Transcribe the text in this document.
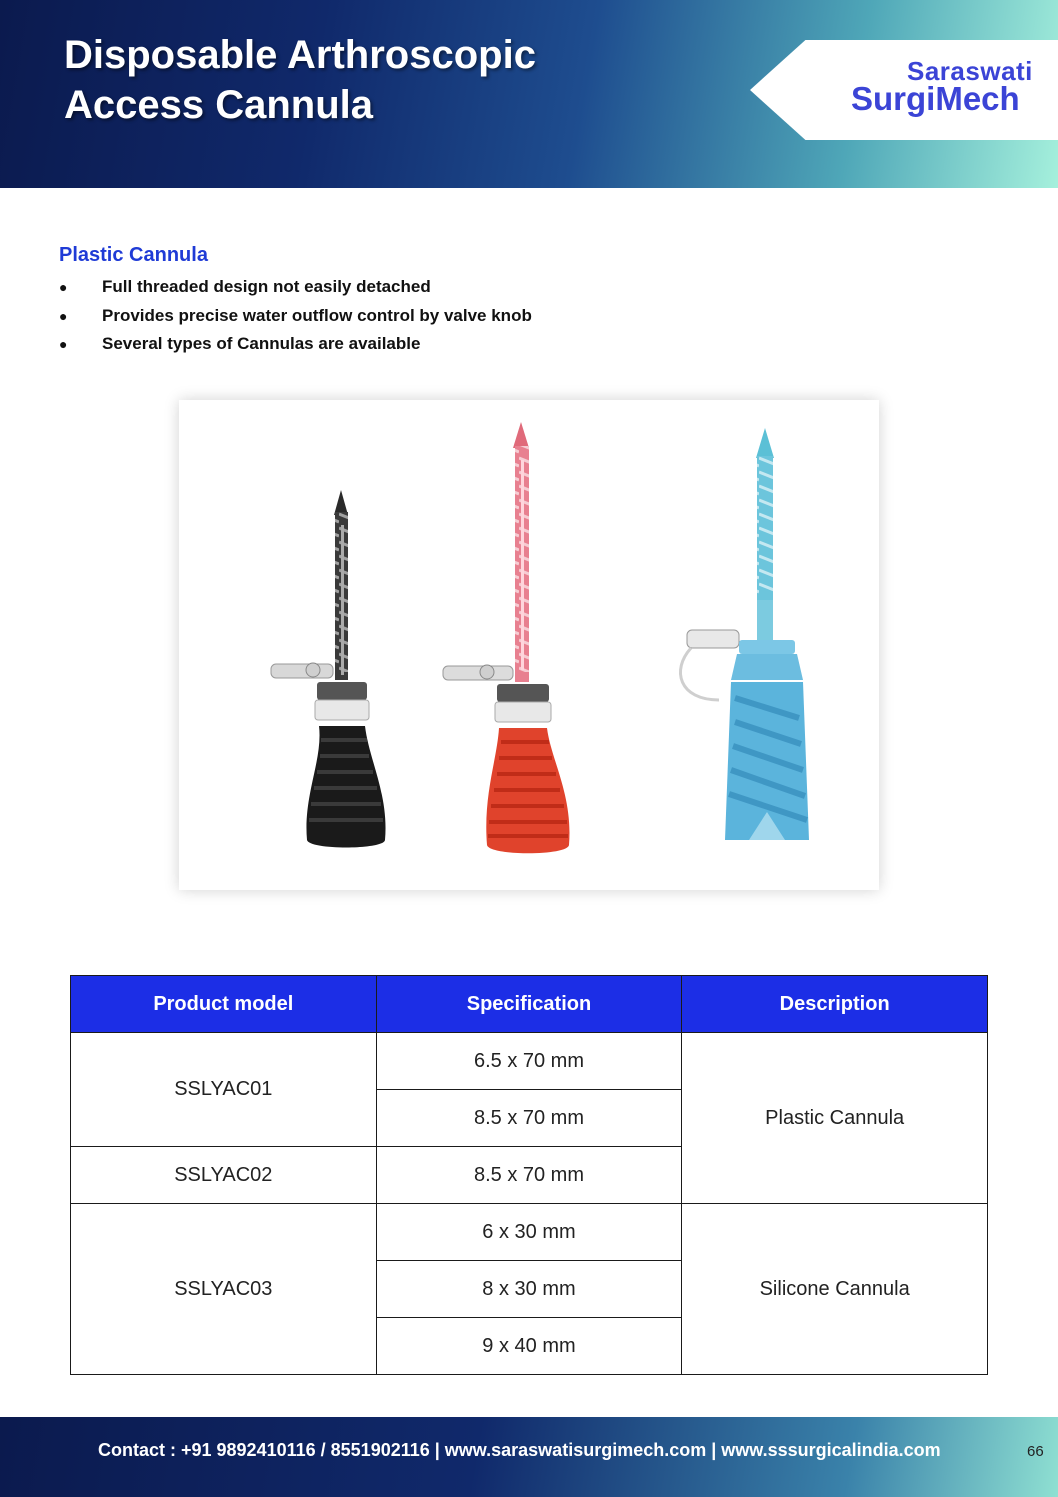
Disposable Arthroscopic
Access Cannula
Saraswati
SurgiMech
Plastic Cannula
● Full threaded design not easily detached
● Provides precise water outflow control by valve knob
● Several types of Cannulas are available
Product model	Specification	Description
SSLYAC01	6.5 x 70 mm	Plastic Cannula
	8.5 x 70 mm	
SSLYAC02	8.5 x 70 mm	
SSLYAC03	6 x 30 mm	Silicone Cannula
	8 x 30 mm	
	9 x 40 mm	
Contact : +91 9892410116 / 8551902116 | www.saraswatisurgimech.com | www.sssurgicalindia.com	66
